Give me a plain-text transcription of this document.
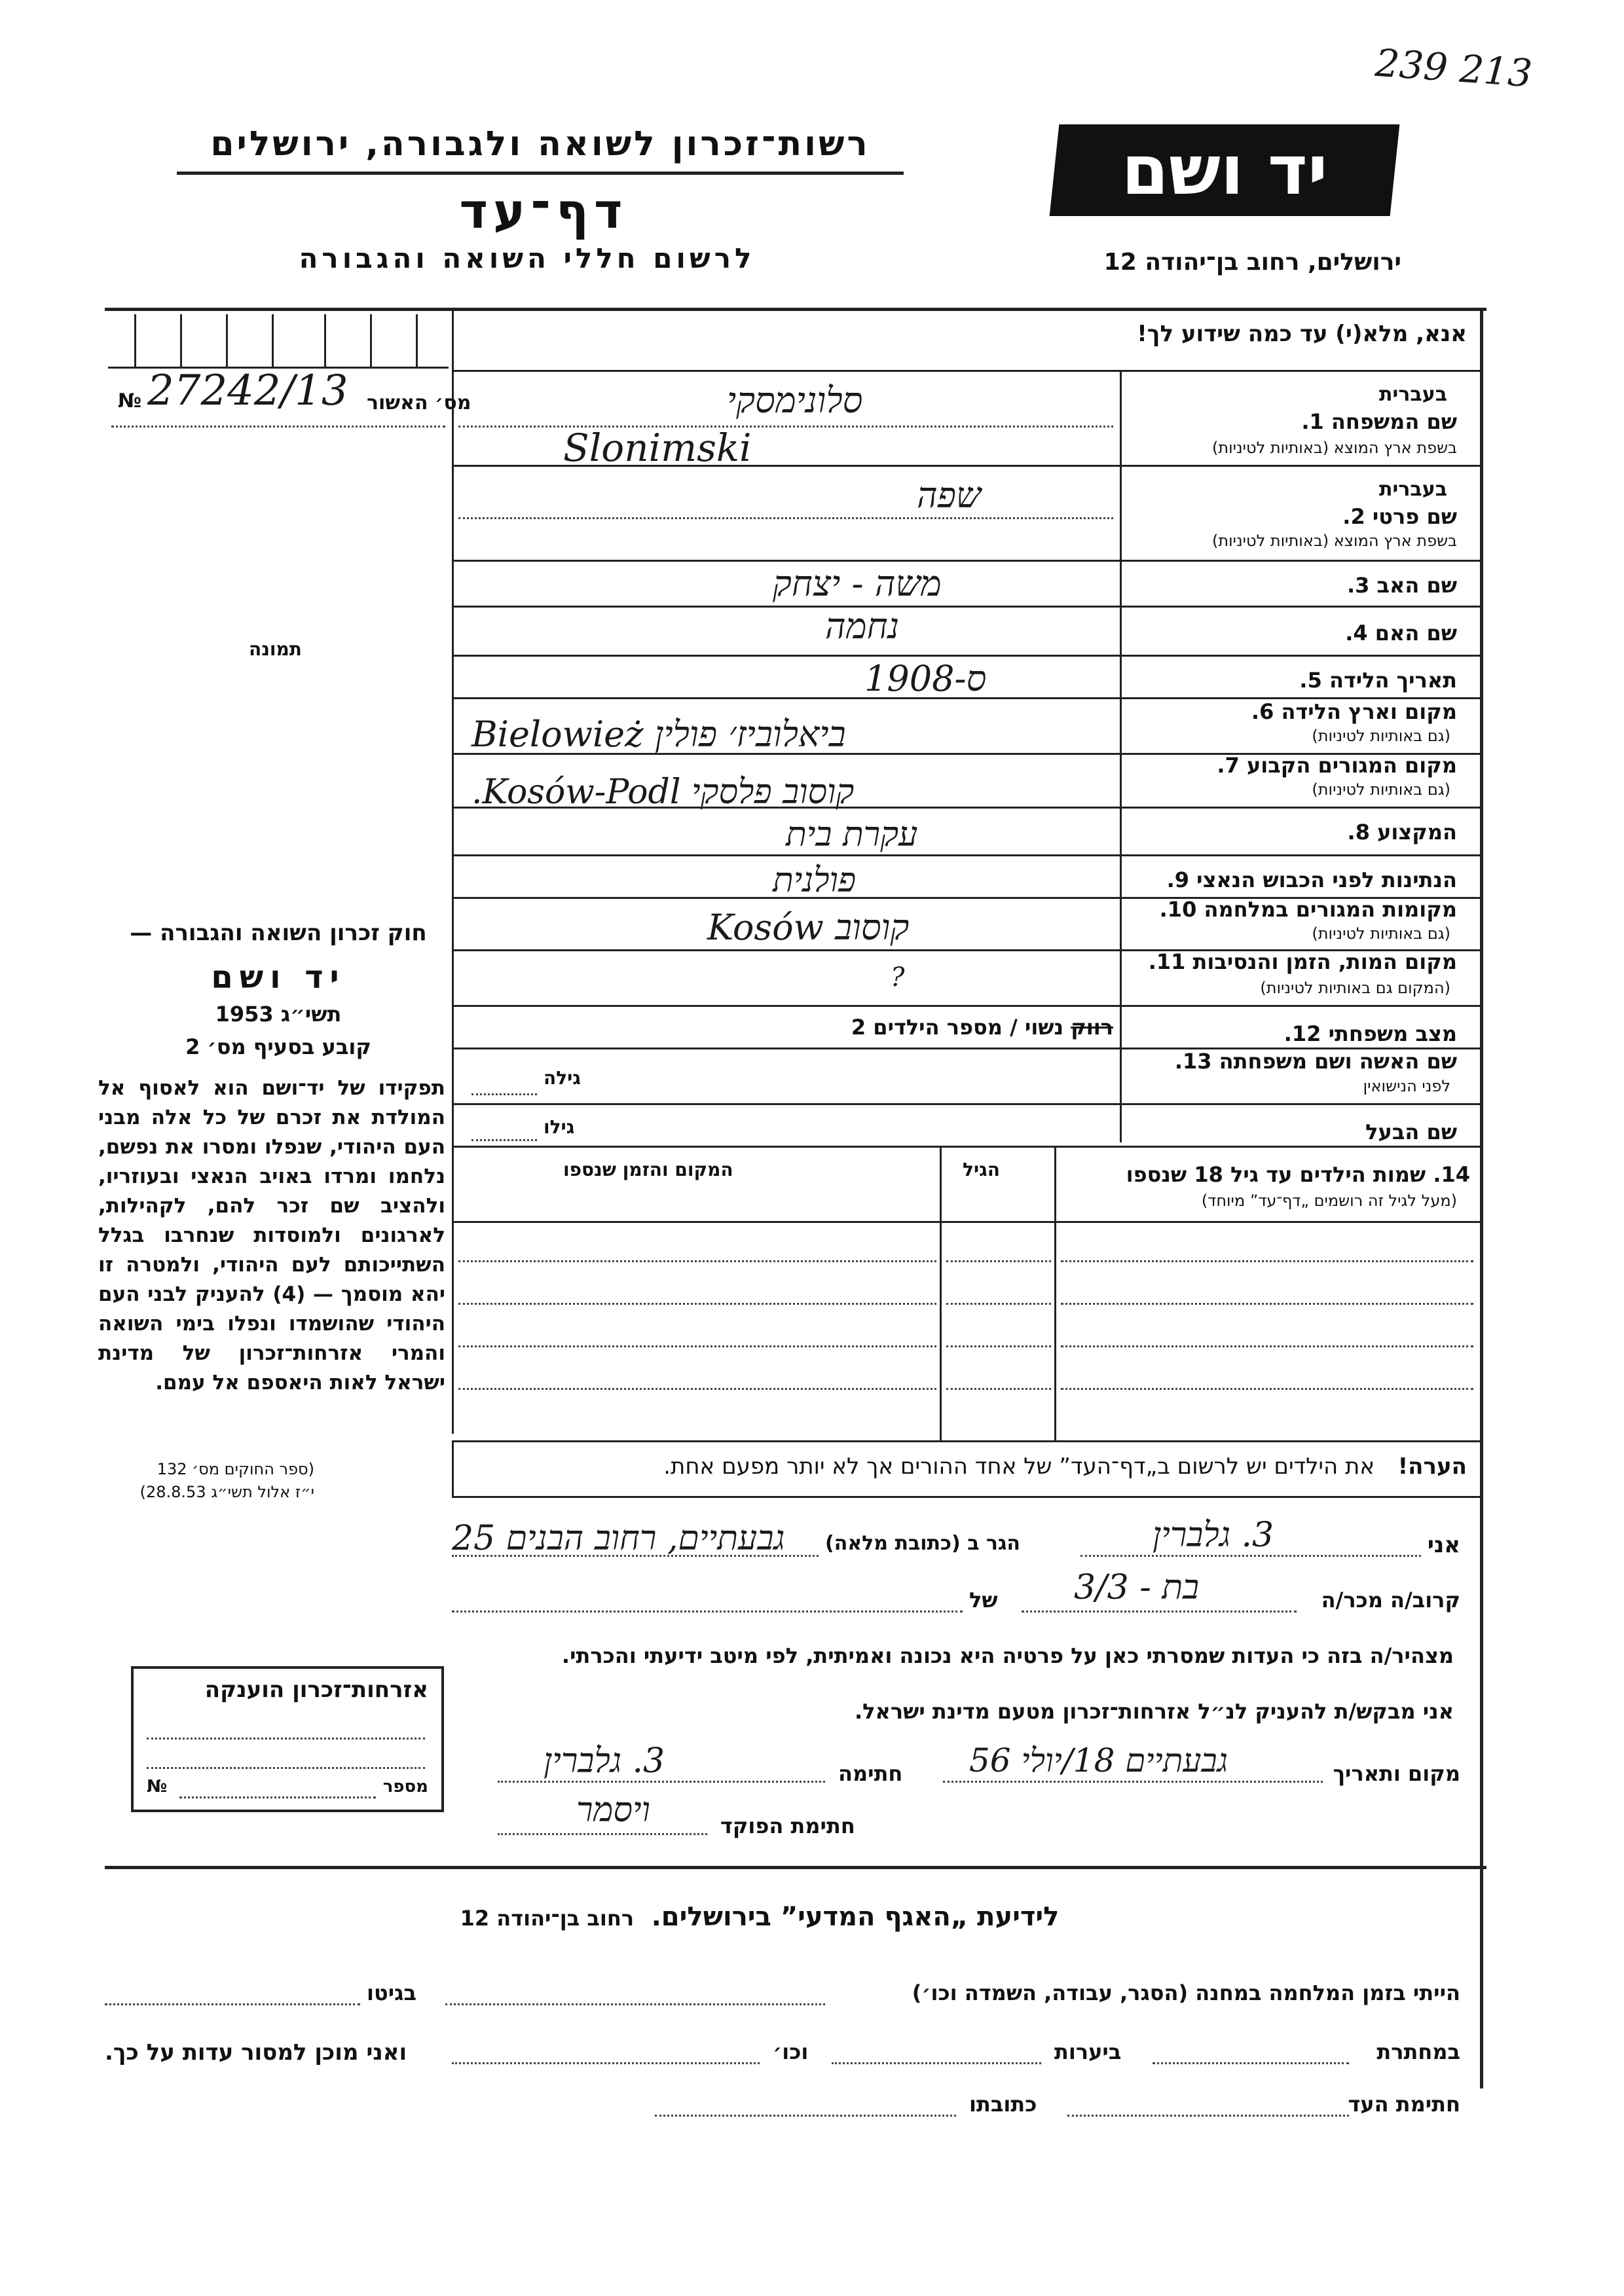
239 213
רשות־זכרון לשואה ולגבורה, ירושלים
דף־עד
לרשום חללי השואה והגבורה
יד ושם
ירושלים, רחוב בן־יהודה 12
אנא, מלא(י) עד כמה שידוע לך!
№ 27242/13 מס׳ האשור
תמונה
חוק זכרון השואה והגבורה —
יד ושם
תשי״ג 1953
קובע בסעיף מס׳ 2
תפקידו של יד־ושם הוא לאסוף אל המולדת את זכרם של כל אלה מבני העם היהודי, שנפלו ומסרו את נפשם, נלחמו ומרדו באויב הנאצי ובעוזריו, ולהציב שם זכר להם, לקהילות, לארגונים ולמוסדות שנחרבו בגלל השתייכותם לעם היהודי, ולמטרה זו יהא מוסמך — (4) להעניק לבני העם היהודי שהושמדו ונפלו בימי השואה והמרי אזרחות־זכרון של מדינת ישראל לאות היאספם אל עמם.
(ספר החוקים מס׳ 132
י״ז אלול תשי״ג 28.8.53)
בעברית
שם המשפחה 1.
בשפת ארץ המוצא (באותיות לטיניות)
סלונימסקי
Slonimski
בעברית
שם פרטי 2.
בשפת ארץ המוצא (באותיות לטיניות)
שפה
שם האב 3.
משה - יצחק
שם האם 4.
נחמה
תאריך הלידה 5.
1908-ס
מקום וארץ הלידה 6.
(גם באותיות לטיניות)
ביאלוביז׳ פולין Bielowież
מקום המגורים הקבוע 7.
(גם באותיות לטיניות)
קוסוב פלסקי Kosów-Podl.
המקצוע 8.
עקרת בית
הנתינות לפני הכבוש הנאצי 9.
פולנית
מקומות המגורים במלחמה 10.
(גם באותיות לטיניות)
קוסוב Kosów
מקום המות, הזמן והנסיבות 11.
(המקום גם באותיות לטיניות)
?
מצב משפחתי 12.
רווק נשוי / מספר הילדים 2
שם האשה ושם משפחתה 13.
לפני הנישואין
גילה
שם הבעל
גילו
14. שמות הילדים עד גיל 18 שנספו
(מעל לגיל זה רושמים „דף־עד” מיוחד)
הגיל
המקום והזמן שנספו
הערה!   את הילדים יש לרשום ב„דף־העד” של אחד ההורים אך לא יותר מפעם אחת.
אני
3. גלברין
הגר ב (כתובת מלאה)
גבעתיים, רחוב הבנים 25
קרוב/ה מכר/ה
3/3 - בת
של
מצהיר/ה בזה כי העדות שמסרתי כאן על פרטיה היא נכונה ואמיתית, לפי מיטב ידיעתי והכרתי.
אני מבקש/ת להעניק לנ״ל אזרחות־זכרון מטעם מדינת ישראל.
מקום ותאריך
גבעתיים 18/יולי 56
חתימה
3. גלברין
חתימת הפוקד
ויסמר
אזרחות־זכרון הוענקה
№	מספר
לידיעת „האגף המדעי” בירושלים.  רחוב בן־יהודה 12
הייתי בזמן המלחמה במחנה (הסגר, עבודה, השמדה וכו׳)
בגיטו
במחתרת
ביערות
וכו׳
ואני מוכן למסור עדות על כך.
חתימת העד
כתובתו
